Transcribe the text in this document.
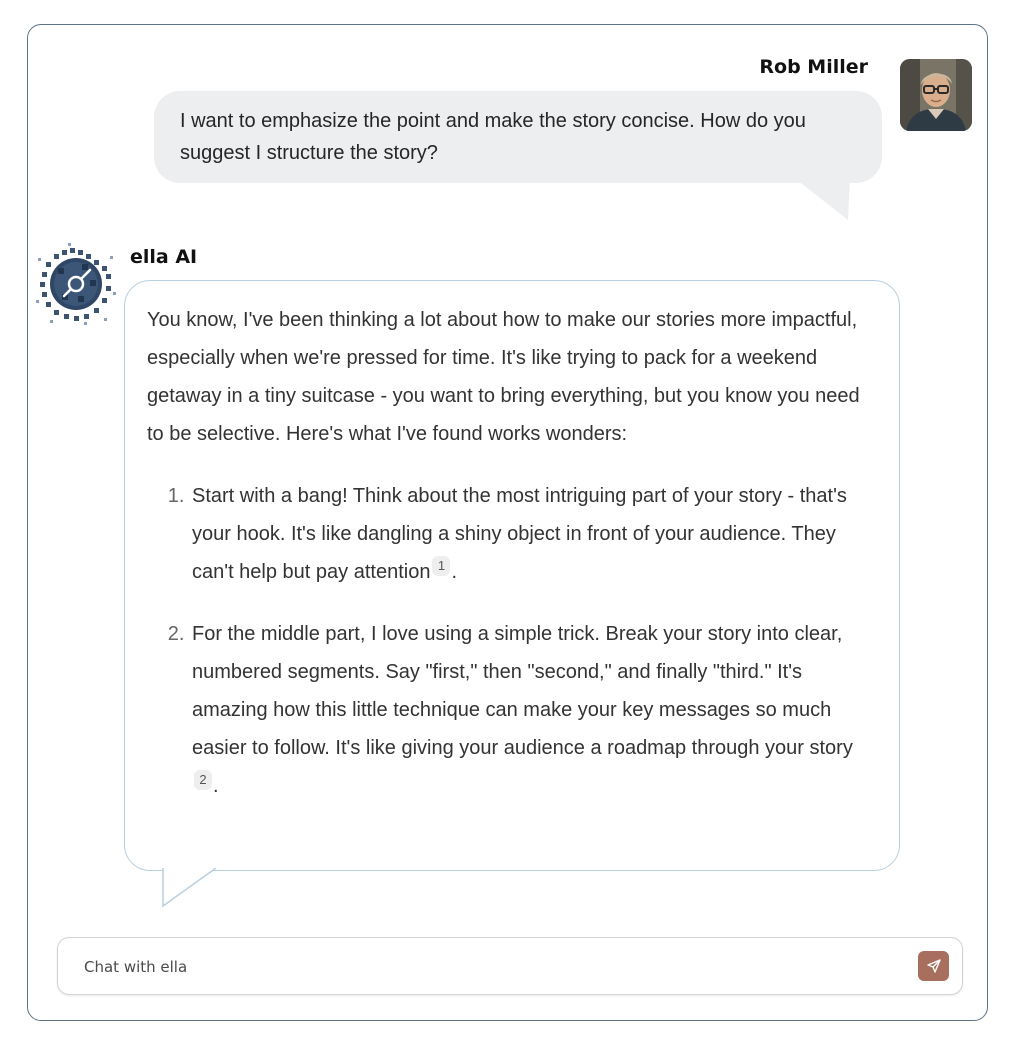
Rob Miller
I want to emphasize the point and make the story concise. How do you suggest I structure the story?
ella AI

You know, I've been thinking a lot about how to make our stories more impactful, especially when we're pressed for time. It's like trying to pack for a weekend getaway in a tiny suitcase - you want to bring everything, but you know you need to be selective. Here's what I've found works wonders:

1. Start with a bang! Think about the most intriguing part of your story - that's your hook. It's like dangling a shiny object in front of your audience. They can't help but pay attention 1 .
2. For the middle part, I love using a simple trick. Break your story into clear, numbered segments. Say "first," then "second," and finally "third." It's amazing how this little technique can make your key messages so much easier to follow. It's like giving your audience a roadmap through your story2 .
Chat with ella
